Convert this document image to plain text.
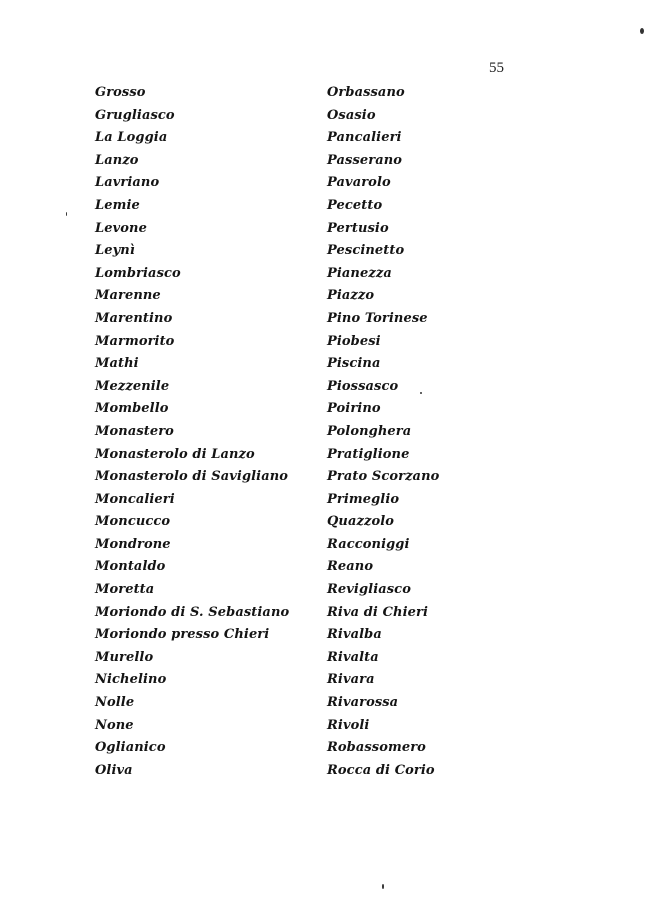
55
Grosso
Grugliasco
La Loggia
Lanzo
Lavriano
Lemie
Levone
Leynì
Lombriasco
Marenne
Marentino
Marmorito
Mathi
Mezzenile
Mombello
Monastero
Monasterolo di Lanzo
Monasterolo di Savigliano
Moncalieri
Moncucco
Mondrone
Montaldo
Moretta
Moriondo di S. Sebastiano
Moriondo presso Chieri
Murello
Nichelino
Nolle
None
Oglianico
Oliva
Orbassano
Osasio
Pancalieri
Passerano
Pavarolo
Pecetto
Pertusio
Pescinetto
Pianezza
Piazzo
Pino Torinese
Piobesi
Piscina
Piossasco
Poirino
Polonghera
Pratiglione
Prato Scorzano
Primeglio
Quazzolo
Racconiggi
Reano
Revigliasco
Riva di Chieri
Rivalba
Rivalta
Rivara
Rivarossa
Rivoli
Robassomero
Rocca di Corio
